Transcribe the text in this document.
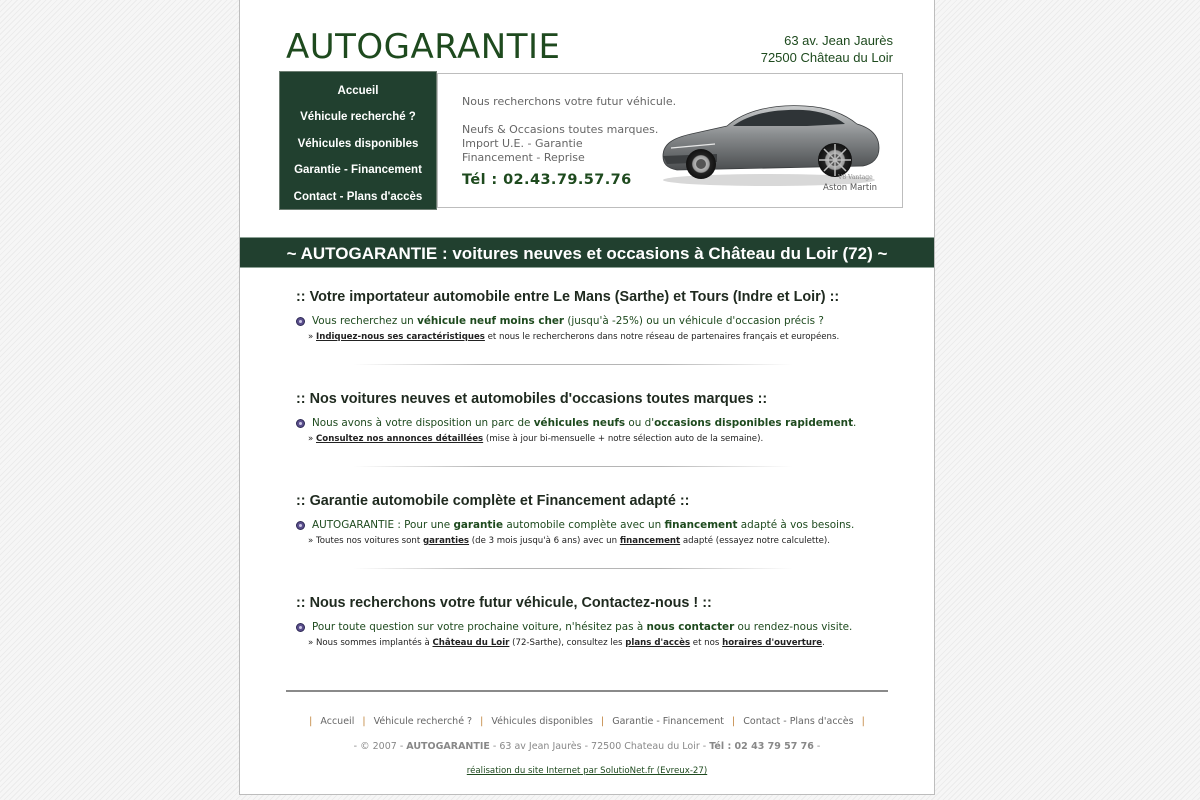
AUTOGARANTIE	63 av. Jean Jaurès
72500 Château du Loir
Accueil
Véhicule recherché ?
Véhicules disponibles
Garantie - Financement
Contact - Plans d'accès
Nous recherchons votre futur véhicule.
Neufs & Occasions toutes marques.
Import U.E. - Garantie
Financement - Reprise
Tél : 02.43.79.57.76	V8 Vantage
Aston Martin
~ AUTOGARANTIE : voitures neuves et occasions à Château du Loir (72) ~
:: Votre importateur automobile entre Le Mans (Sarthe) et Tours (Indre et Loir) ::
Vous recherchez un véhicule neuf moins cher (jusqu'à -25%) ou un véhicule d'occasion précis ?
» Indiquez-nous ses caractéristiques et nous le rechercherons dans notre réseau de partenaires français et européens.
:: Nos voitures neuves et automobiles d'occasions toutes marques ::
Nous avons à votre disposition un parc de véhicules neufs ou d'occasions disponibles rapidement.
» Consultez nos annonces détaillées (mise à jour bi-mensuelle + notre sélection auto de la semaine).
:: Garantie automobile complète et Financement adapté ::
AUTOGARANTIE : Pour une garantie automobile complète avec un financement adapté à vos besoins.
» Toutes nos voitures sont garanties (de 3 mois jusqu'à 6 ans) avec un financement adapté (essayez notre calculette).
:: Nous recherchons votre futur véhicule, Contactez-nous ! ::
Pour toute question sur votre prochaine voiture, n'hésitez pas à nous contacter ou rendez-nous visite.
» Nous sommes implantés à Château du Loir (72-Sarthe), consultez les plans d'accès et nos horaires d'ouverture.
| Accueil | Véhicule recherché ? | Véhicules disponibles | Garantie - Financement | Contact - Plans d'accès |
- © 2007 - AUTOGARANTIE - 63 av Jean Jaurès - 72500 Chateau du Loir - Tél : 02 43 79 57 76 -
réalisation du site Internet par SolutioNet.fr (Evreux-27)
